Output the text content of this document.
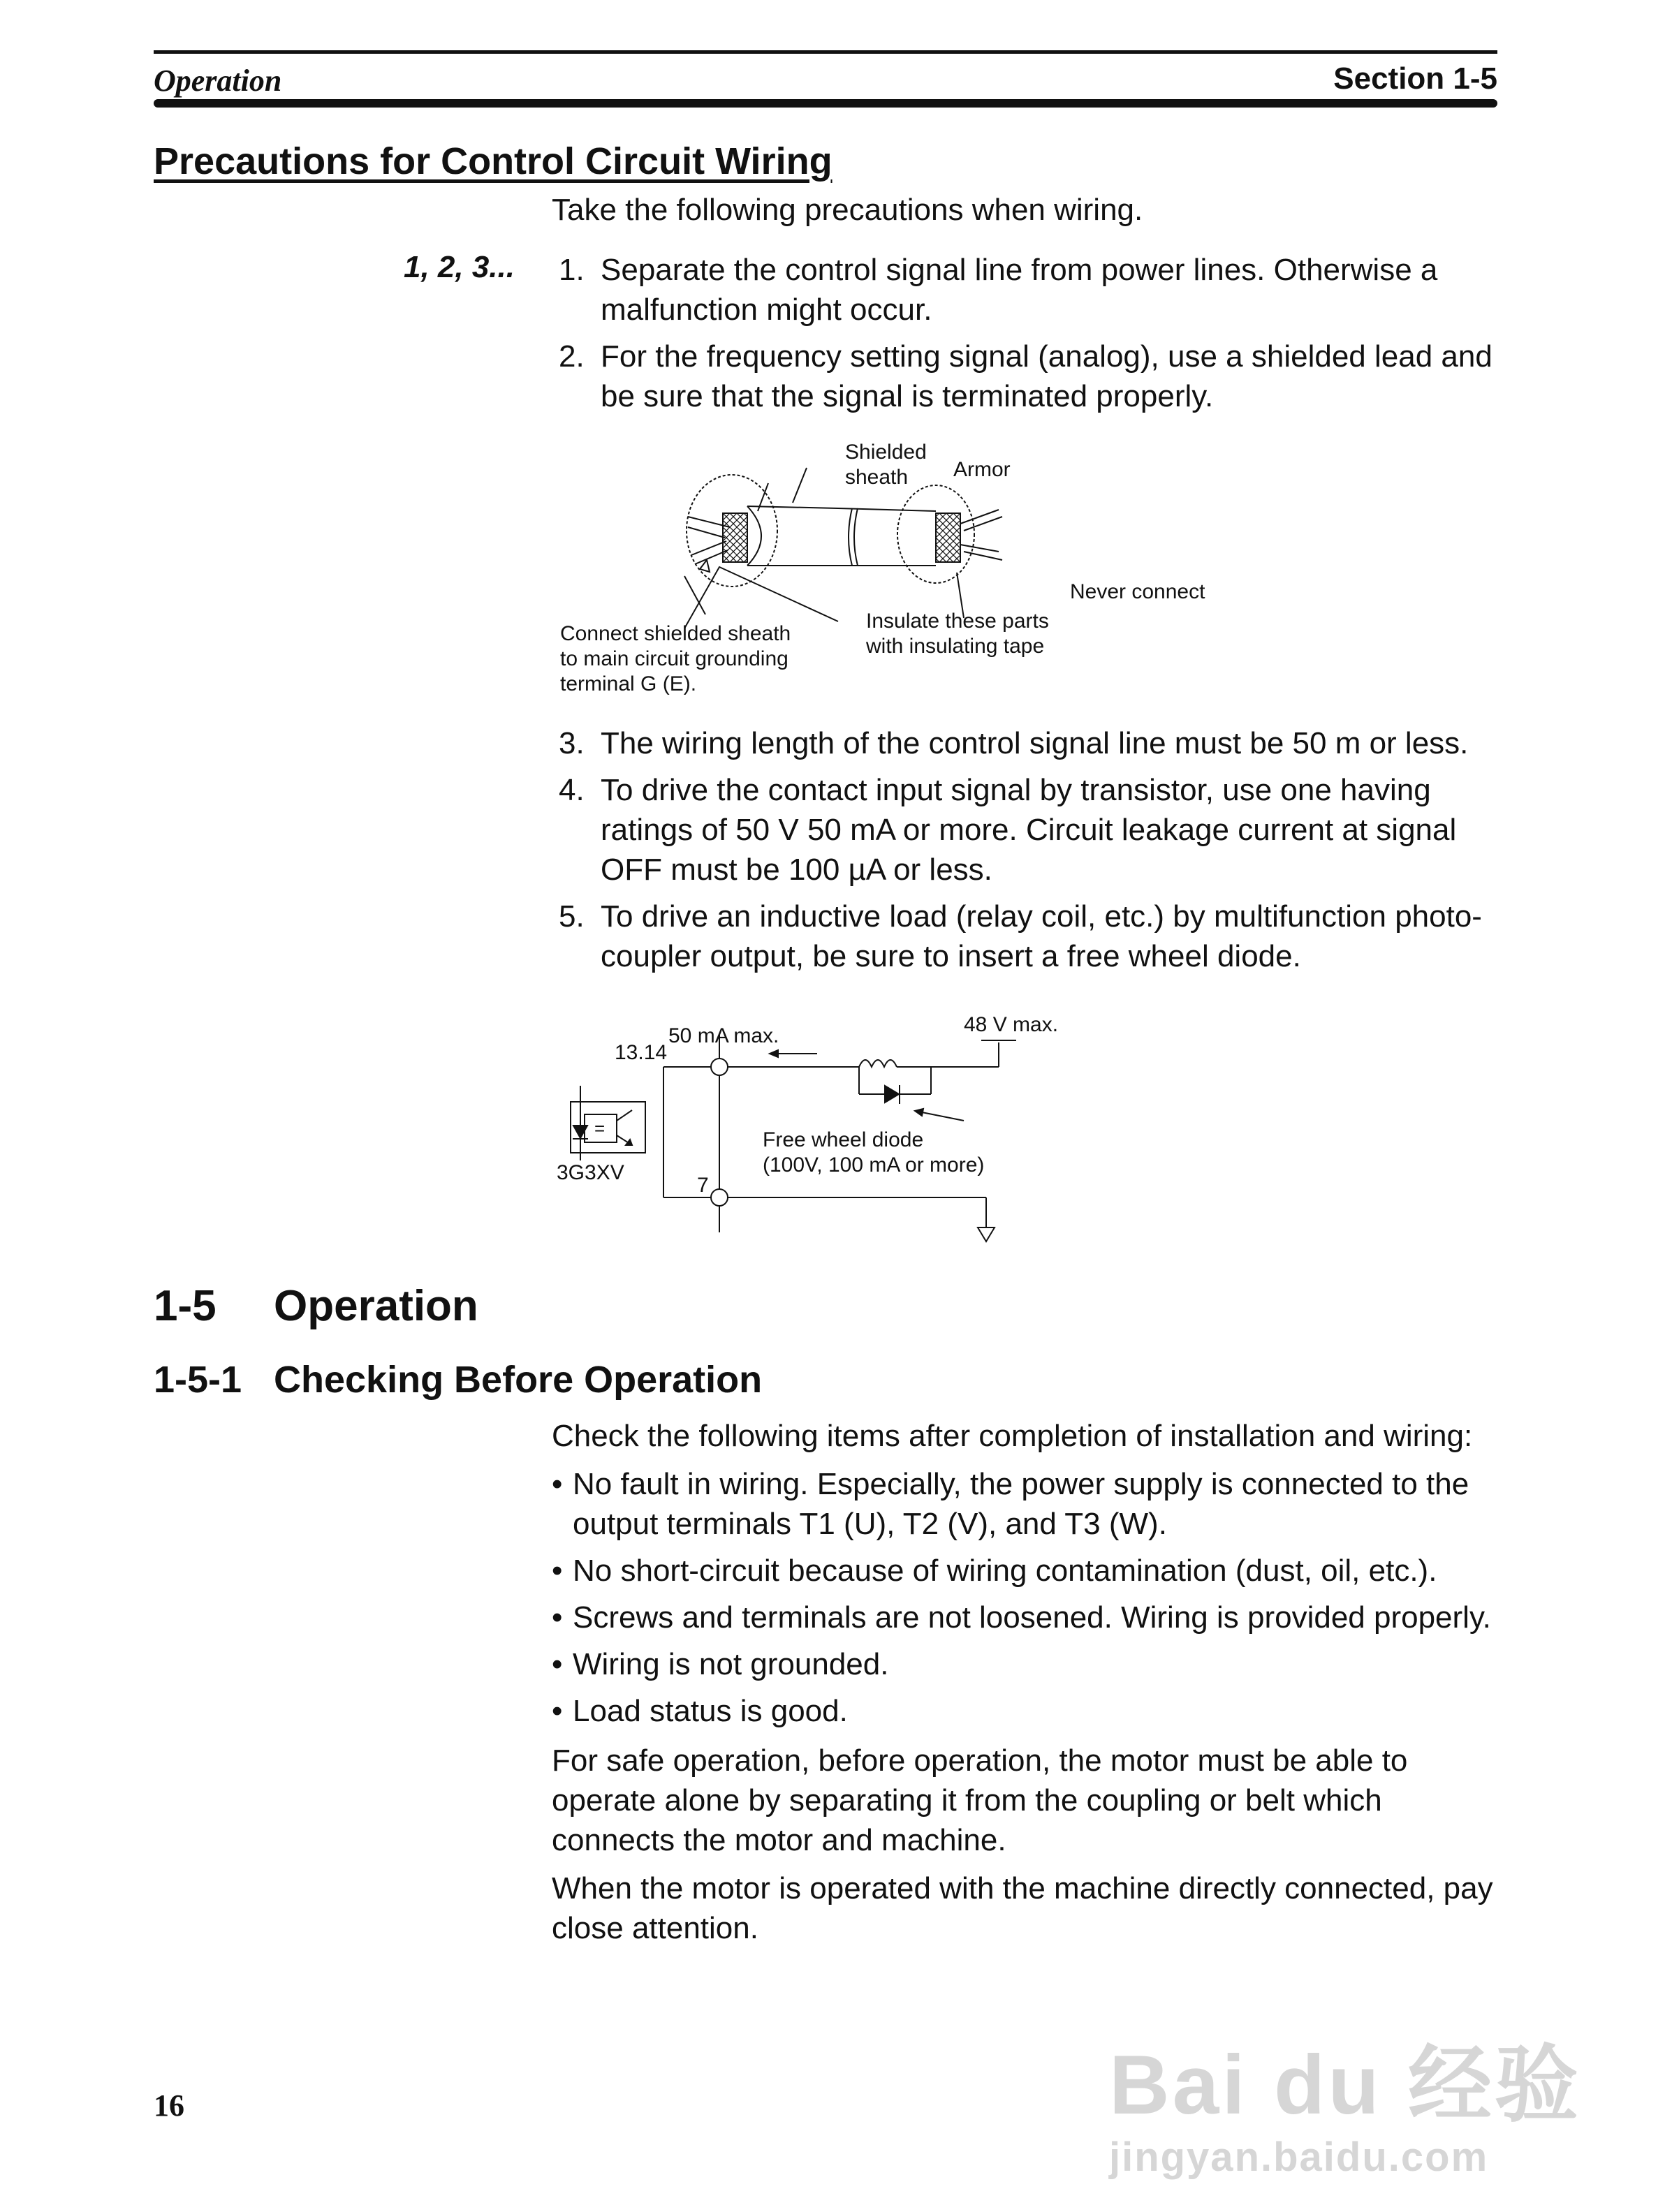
Operation	Section 1-5
Precautions for Control Circuit Wiring
Take the following precautions when wiring.
1, 2, 3... 1. Separate the control signal line from power lines. Otherwise a malfunction might occur.
2. For the frequency setting signal (analog), use a shielded lead and be sure that the signal is terminated properly.
Shielded
sheath	Armor
Never connect
Insulate these parts
with insulating tape
Connect shielded sheath
to main circuit grounding
terminal G (E).
3. The wiring length of the control signal line must be 50 m or less.
4. To drive the contact input signal by transistor, use one having ratings of 50 V 50 mA or more. Circuit leakage current at signal OFF must be 100 µA or less.
5. To drive an inductive load (relay coil, etc.) by multifunction photo-coupler output, be sure to insert a free wheel diode.
=
13.14
50 mA max.	48 V max.
7
3G3XV
Free wheel diode
(100V, 100 mA or more)
1-5 Operation
1-5-1 Checking Before Operation

Check the following items after completion of installation and wiring:

• No fault in wiring. Especially, the power supply is connected to the output terminals T1 (U), T2 (V), and T3 (W).
• No short-circuit because of wiring contamination (dust, oil, etc.).
• Screws and terminals are not loosened. Wiring is provided properly.
• Wiring is not grounded.
• Load status is good.

For safe operation, before operation, the motor must be able to operate alone by separating it from the coupling or belt which connects the motor and machine.

When the motor is operated with the machine directly connected, pay close attention.

16	Bai du 经验
jingyan.baidu.com
